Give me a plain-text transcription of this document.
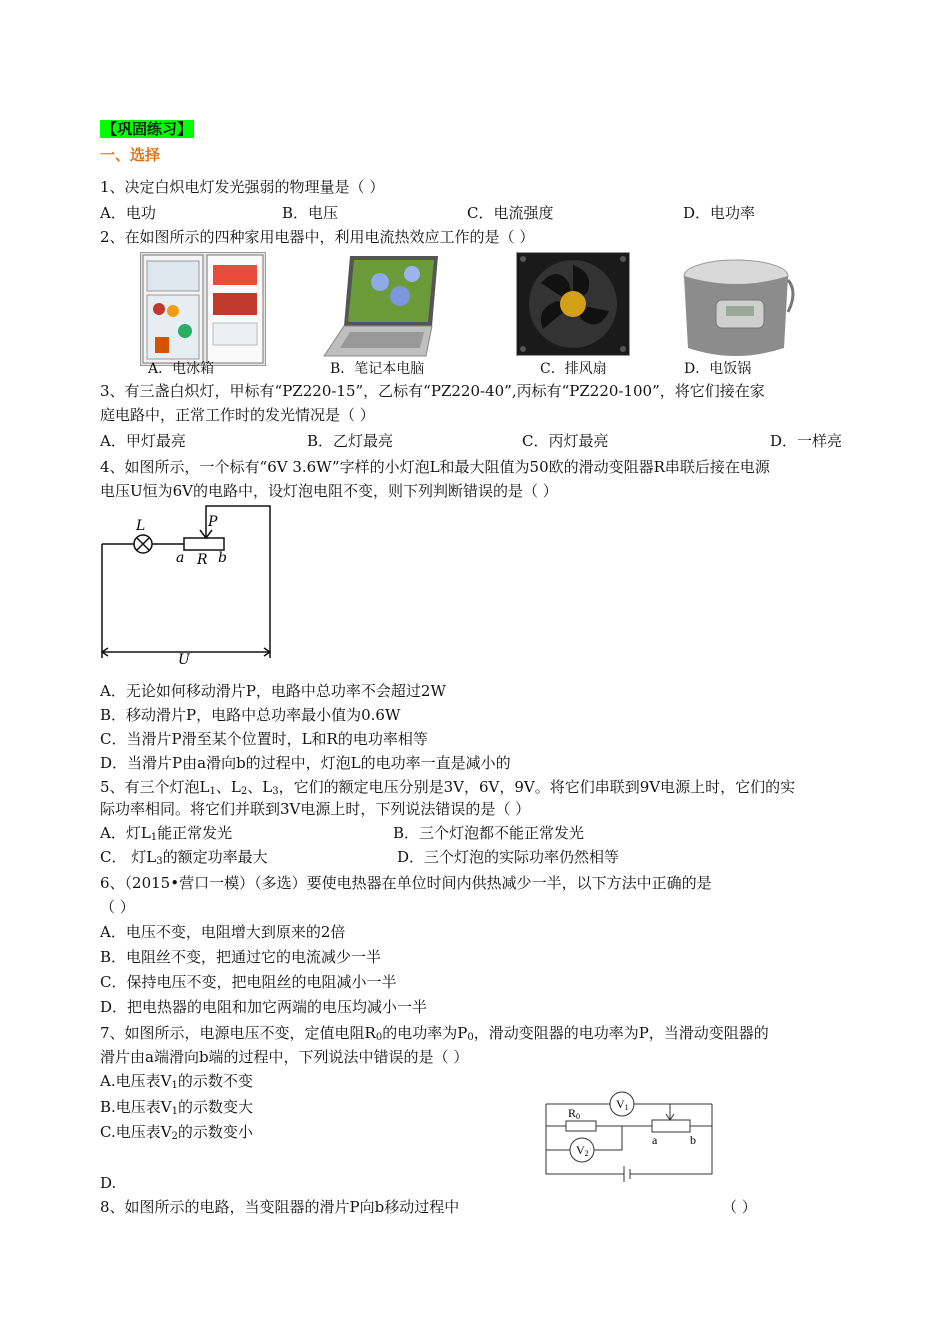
【巩固练习】
一、选择
1、决定白炽电灯发光强弱的物理量是（ ）
A．电功	B．电压	C．电流强度	D．电功率
2、在如图所示的四种家用电器中，利用电流热效应工作的是（ ）
A．电冰箱	B．笔记本电脑	C．排风扇	D．电饭锅
3、有三盏白炽灯，甲标有“PZ220-15”，乙标有“PZ220-40”,丙标有“PZ220-100”，将它们接在家
庭电路中，正常工作时的发光情况是（ ）
A．甲灯最亮	B．乙灯最亮	C．丙灯最亮	D．一样亮
4、如图所示，一个标有“6V 3.6W”字样的小灯泡L和最大阻值为50欧的滑动变阻器R串联后接在电源
电压U恒为6V的电路中，设灯泡电阻不变，则下列判断错误的是（ ）
L	P
a R b
U
A．无论如何移动滑片P，电路中总功率不会超过2W
B．移动滑片P，电路中总功率最小值为0.6W
C．当滑片P滑至某个位置时，L和R的电功率相等
D．当滑片P由a滑向b的过程中，灯泡L的电功率一直是减小的
5、有三个灯泡$L_1$、$L_2$、$L_3$，它们的额定电压分别是3V，6V，9V。将它们串联到9V电源上时，它们的实
际功率相同。将它们并联到3V电源上时，下列说法错误的是（ ）
A．灯$L_1$能正常发光	B．三个灯泡都不能正常发光
C． 灯$L_3$的额定功率最大	D．三个灯泡的实际功率仍然相等
6、（2015•营口一模）（多选）要使电热器在单位时间内供热减少一半，以下方法中正确的是
（ ）
A．电压不变，电阻增大到原来的2倍
B．电阻丝不变，把通过它的电流减少一半
C．保持电压不变，把电阻丝的电阻减小一半
D．把电热器的电阻和加它两端的电压均减小一半
7、如图所示，电源电压不变，定值电阻$R_0$的电功率为$P_0$，滑动变阻器的电功率为P，当滑动变阻器的
滑片由a端滑向b端的过程中，下列说法中错误的是（ ）
A.电压表$V_1$的示数不变
B.电压表$V_1$的示数变大
C.电压表$V_2$的示数变小
D.
R0
V1
V2
a	b
8、如图所示的电路，当变阻器的滑片P向b移动过程中	（ ）
